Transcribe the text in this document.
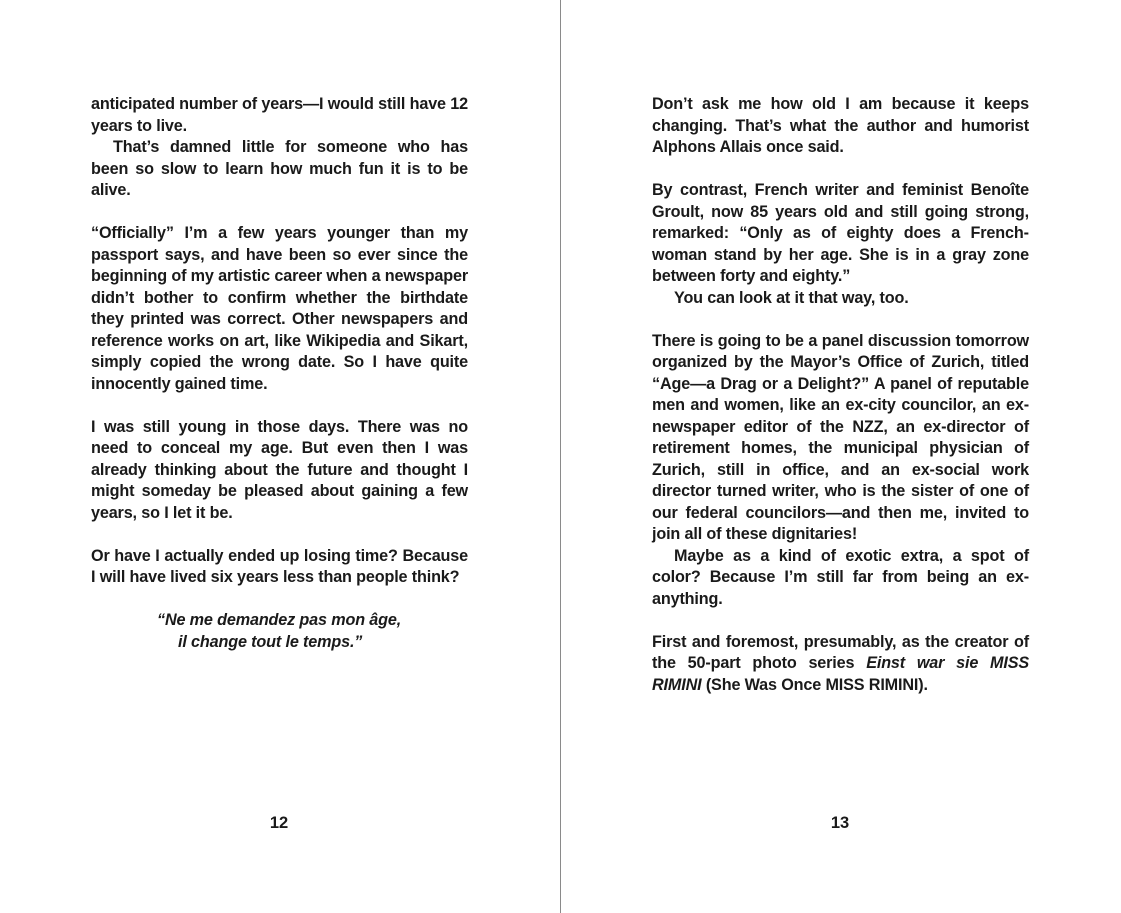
anticipated number of years—I would still have 12 years to live.

That’s damned little for someone who has been so slow to learn how much fun it is to be alive.

“Officially” I’m a few years younger than my passport says, and have been so ever since the beginning of my artistic career when a newspaper didn’t bother to confirm whether the birthdate they printed was correct. Other newspapers and reference works on art, like Wikipedia and Sikart, simply copied the wrong date. So I have quite innocently gained time.

I was still young in those days. There was no need to conceal my age. But even then I was already thinking about the future and thought I might someday be pleased about gaining a few years, so I let it be.

Or have I actually ended up losing time? Because I will have lived six years less than people think?

“Ne me demandez pas mon âge,
il change tout le temps.”

12

Don’t ask me how old I am because it keeps changing. That’s what the author and humorist Alphons Allais once said.

By contrast, French writer and feminist Benoîte Groult, now 85 years old and still going strong, remarked: “Only as of eighty does a Frenchwoman stand by her age. She is in a gray zone between forty and eighty.”

You can look at it that way, too.

There is going to be a panel discussion tomorrow organized by the Mayor’s Office of Zurich, titled “Age—a Drag or a Delight?” A panel of reputable men and women, like an ex-city councilor, an ex-newspaper editor of the NZZ, an ex-director of retirement homes, the municipal physician of Zurich, still in office, and an ex-social work director turned writer, who is the sister of one of our federal councilors—and then me, invited to join all of these dignitaries!

Maybe as a kind of exotic extra, a spot of color? Because I’m still far from being an ex-anything.

First and foremost, presumably, as the creator of the 50-part photo series Einst war sie MISS RIMINI (She Was Once MISS RIMINI).

13
